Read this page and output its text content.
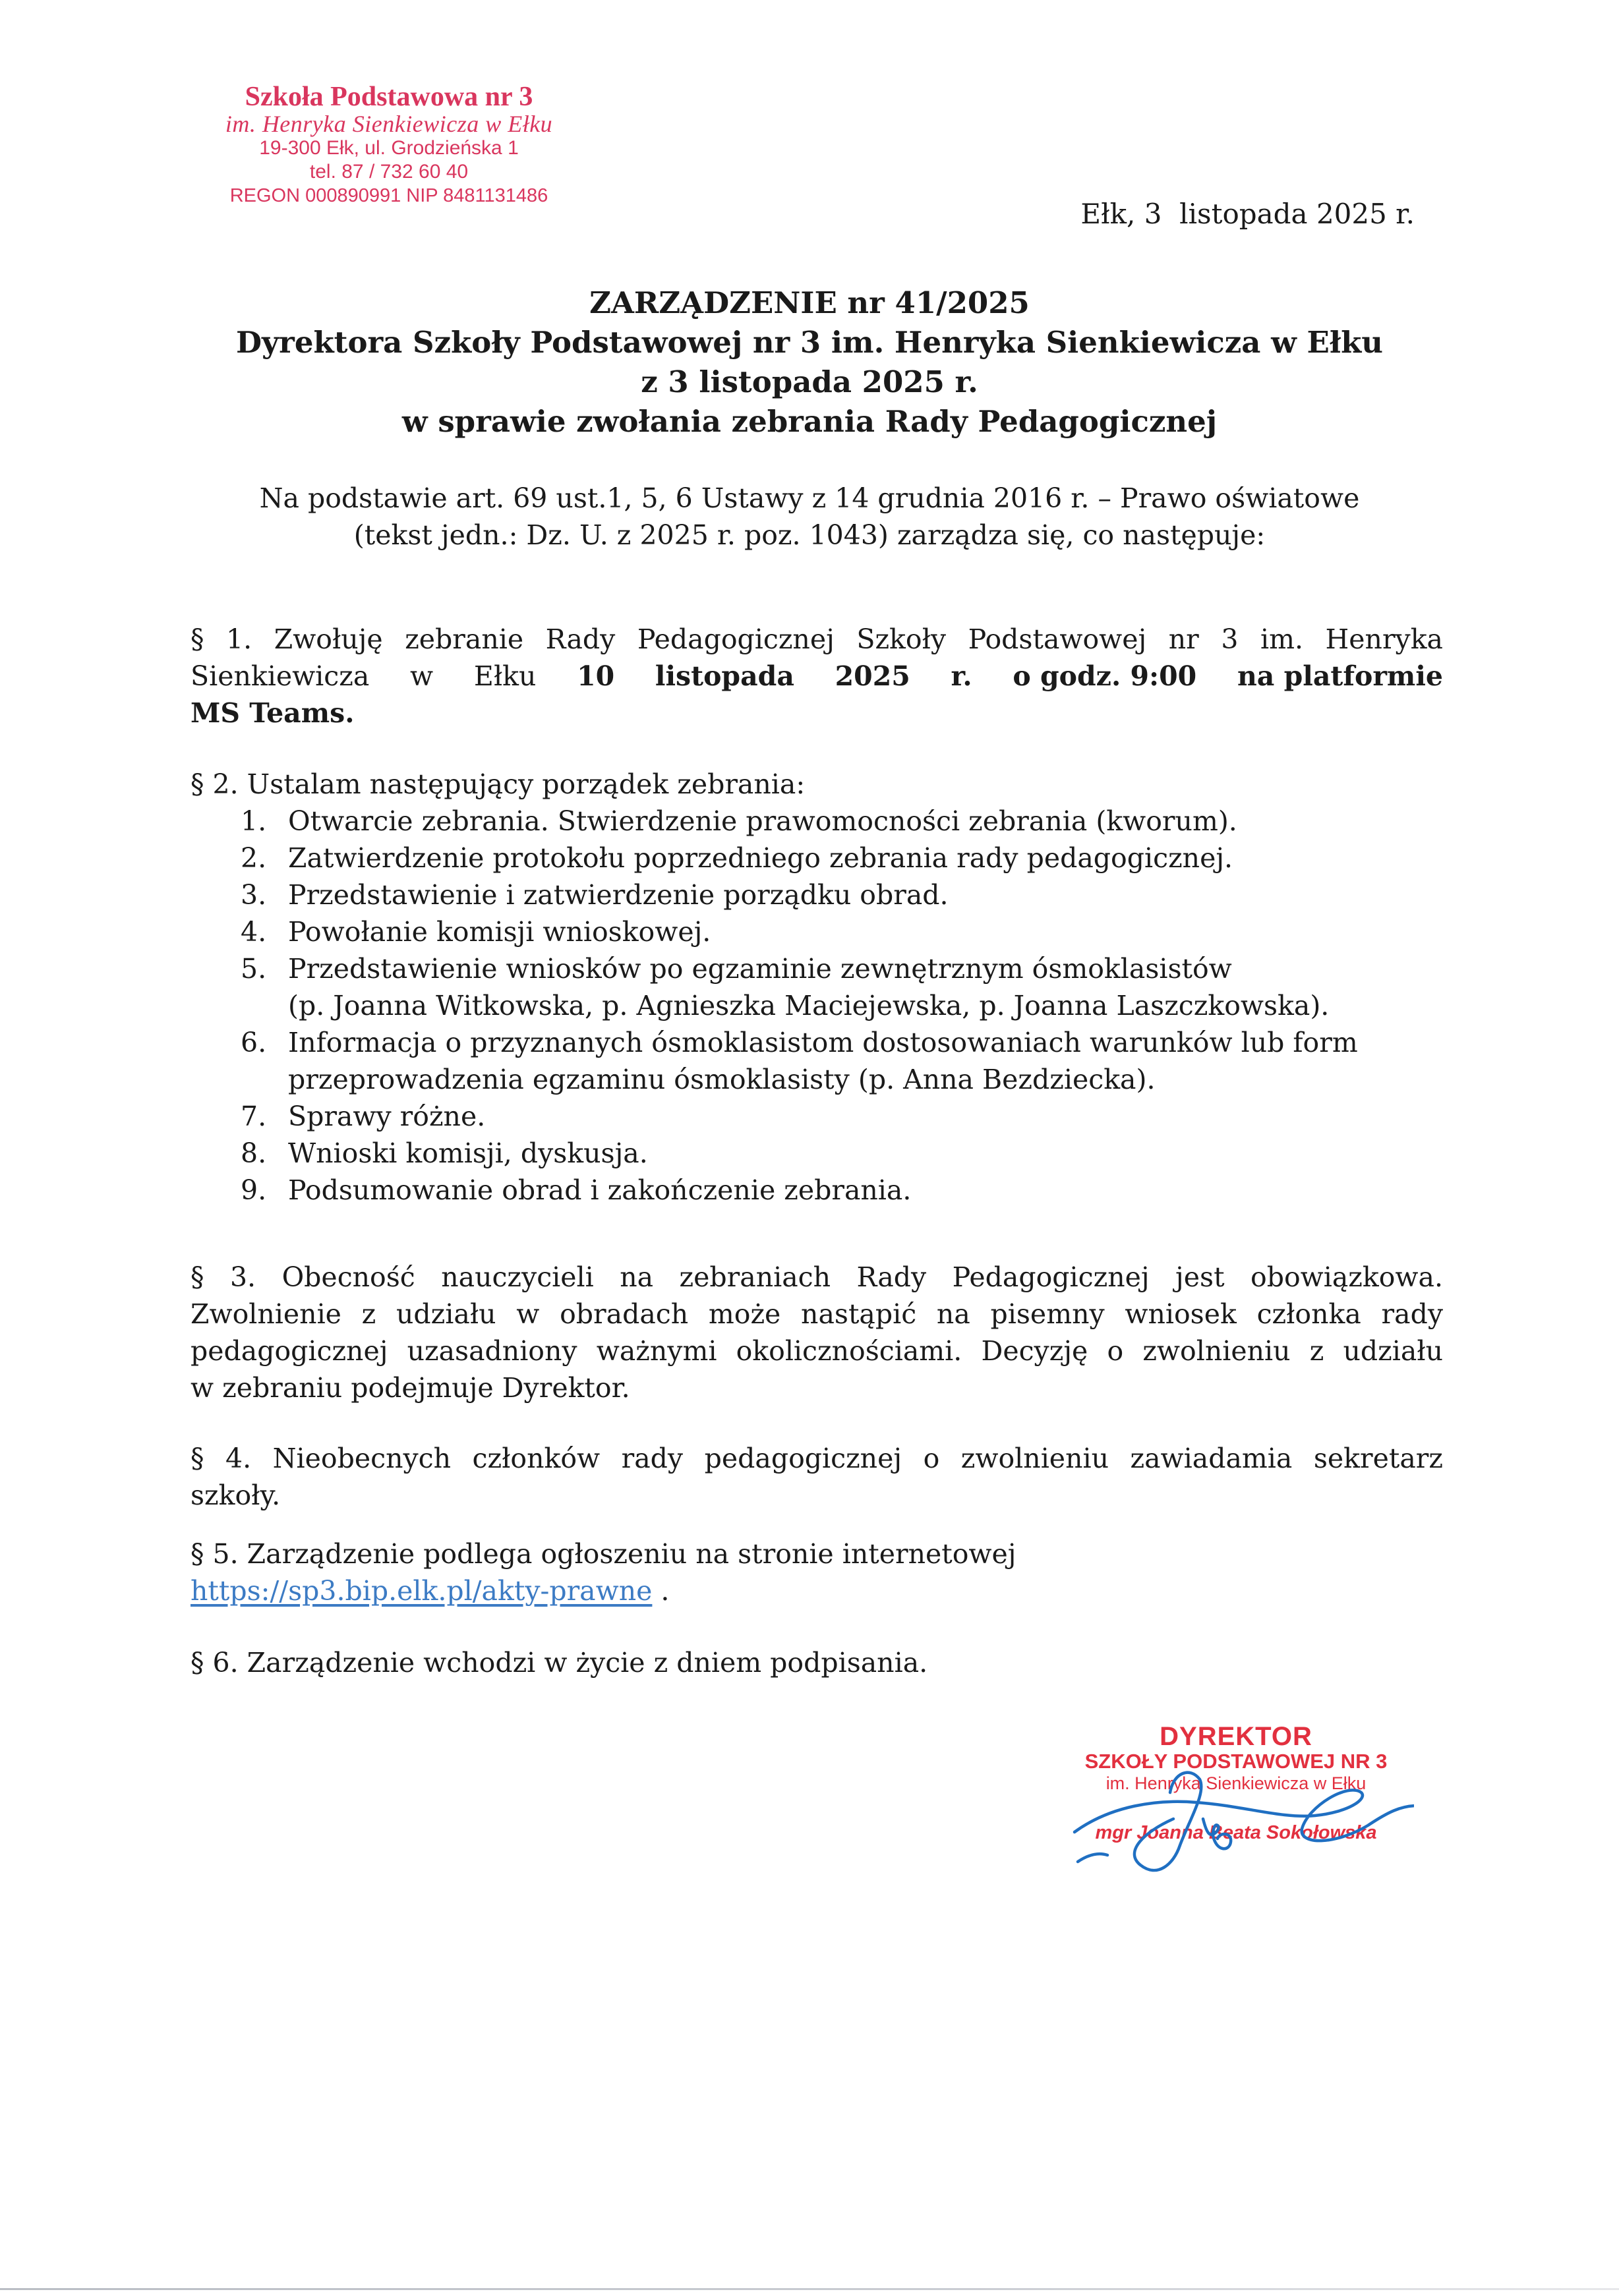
Szkoła Podstawowa nr 3
im. Henryka Sienkiewicza w Ełku
19-300 Ełk, ul. Grodzieńska 1
tel. 87 / 732 60 40
REGON 000890991 NIP 8481131486
Ełk, 3  listopada 2025 r.
ZARZĄDZENIE nr 41/2025
Dyrektora Szkoły Podstawowej nr 3 im. Henryka Sienkiewicza w Ełku
z 3 listopada 2025 r.
w sprawie zwołania zebrania Rady Pedagogicznej
Na podstawie art. 69 ust.1, 5, 6 Ustawy z 14 grudnia 2016 r. – Prawo oświatowe
(tekst jedn.: Dz. U. z 2025 r. poz. 1043) zarządza się, co następuje:
§ 1. Zwołuję zebranie Rady Pedagogicznej Szkoły Podstawowej nr 3 im. Henryka
Sienkiewicza w Ełku 10 listopada 2025 r. o godz. 9:00 na platformie
MS Teams.
§ 2. Ustalam następujący porządek zebrania:
1. Otwarcie zebrania. Stwierdzenie prawomocności zebrania (kworum).
2. Zatwierdzenie protokołu poprzedniego zebrania rady pedagogicznej.
3. Przedstawienie i zatwierdzenie porządku obrad.
4. Powołanie komisji wnioskowej.
5. Przedstawienie wniosków po egzaminie zewnętrznym ósmoklasistów
(p. Joanna Witkowska, p. Agnieszka Maciejewska, p. Joanna Laszczkowska).
6. Informacja o przyznanych ósmoklasistom dostosowaniach warunków lub form
przeprowadzenia egzaminu ósmoklasisty (p. Anna Bezdziecka).
7. Sprawy różne.
8. Wnioski komisji, dyskusja.
9. Podsumowanie obrad i zakończenie zebrania.
§ 3. Obecność nauczycieli na zebraniach Rady Pedagogicznej jest obowiązkowa.
Zwolnienie z udziału w obradach może nastąpić na pisemny wniosek członka rady
pedagogicznej uzasadniony ważnymi okolicznościami. Decyzję o zwolnieniu z udziału
w zebraniu podejmuje Dyrektor.
§ 4. Nieobecnych członków rady pedagogicznej o zwolnieniu zawiadamia sekretarz
szkoły.
§ 5. Zarządzenie podlega ogłoszeniu na stronie internetowej
https://sp3.bip.elk.pl/akty-prawne .
§ 6. Zarządzenie wchodzi w życie z dniem podpisania.
DYREKTOR
SZKOŁY PODSTAWOWEJ NR 3
im. Henryka Sienkiewicza w Ełku
mgr Joanna Beata Sokołowska
